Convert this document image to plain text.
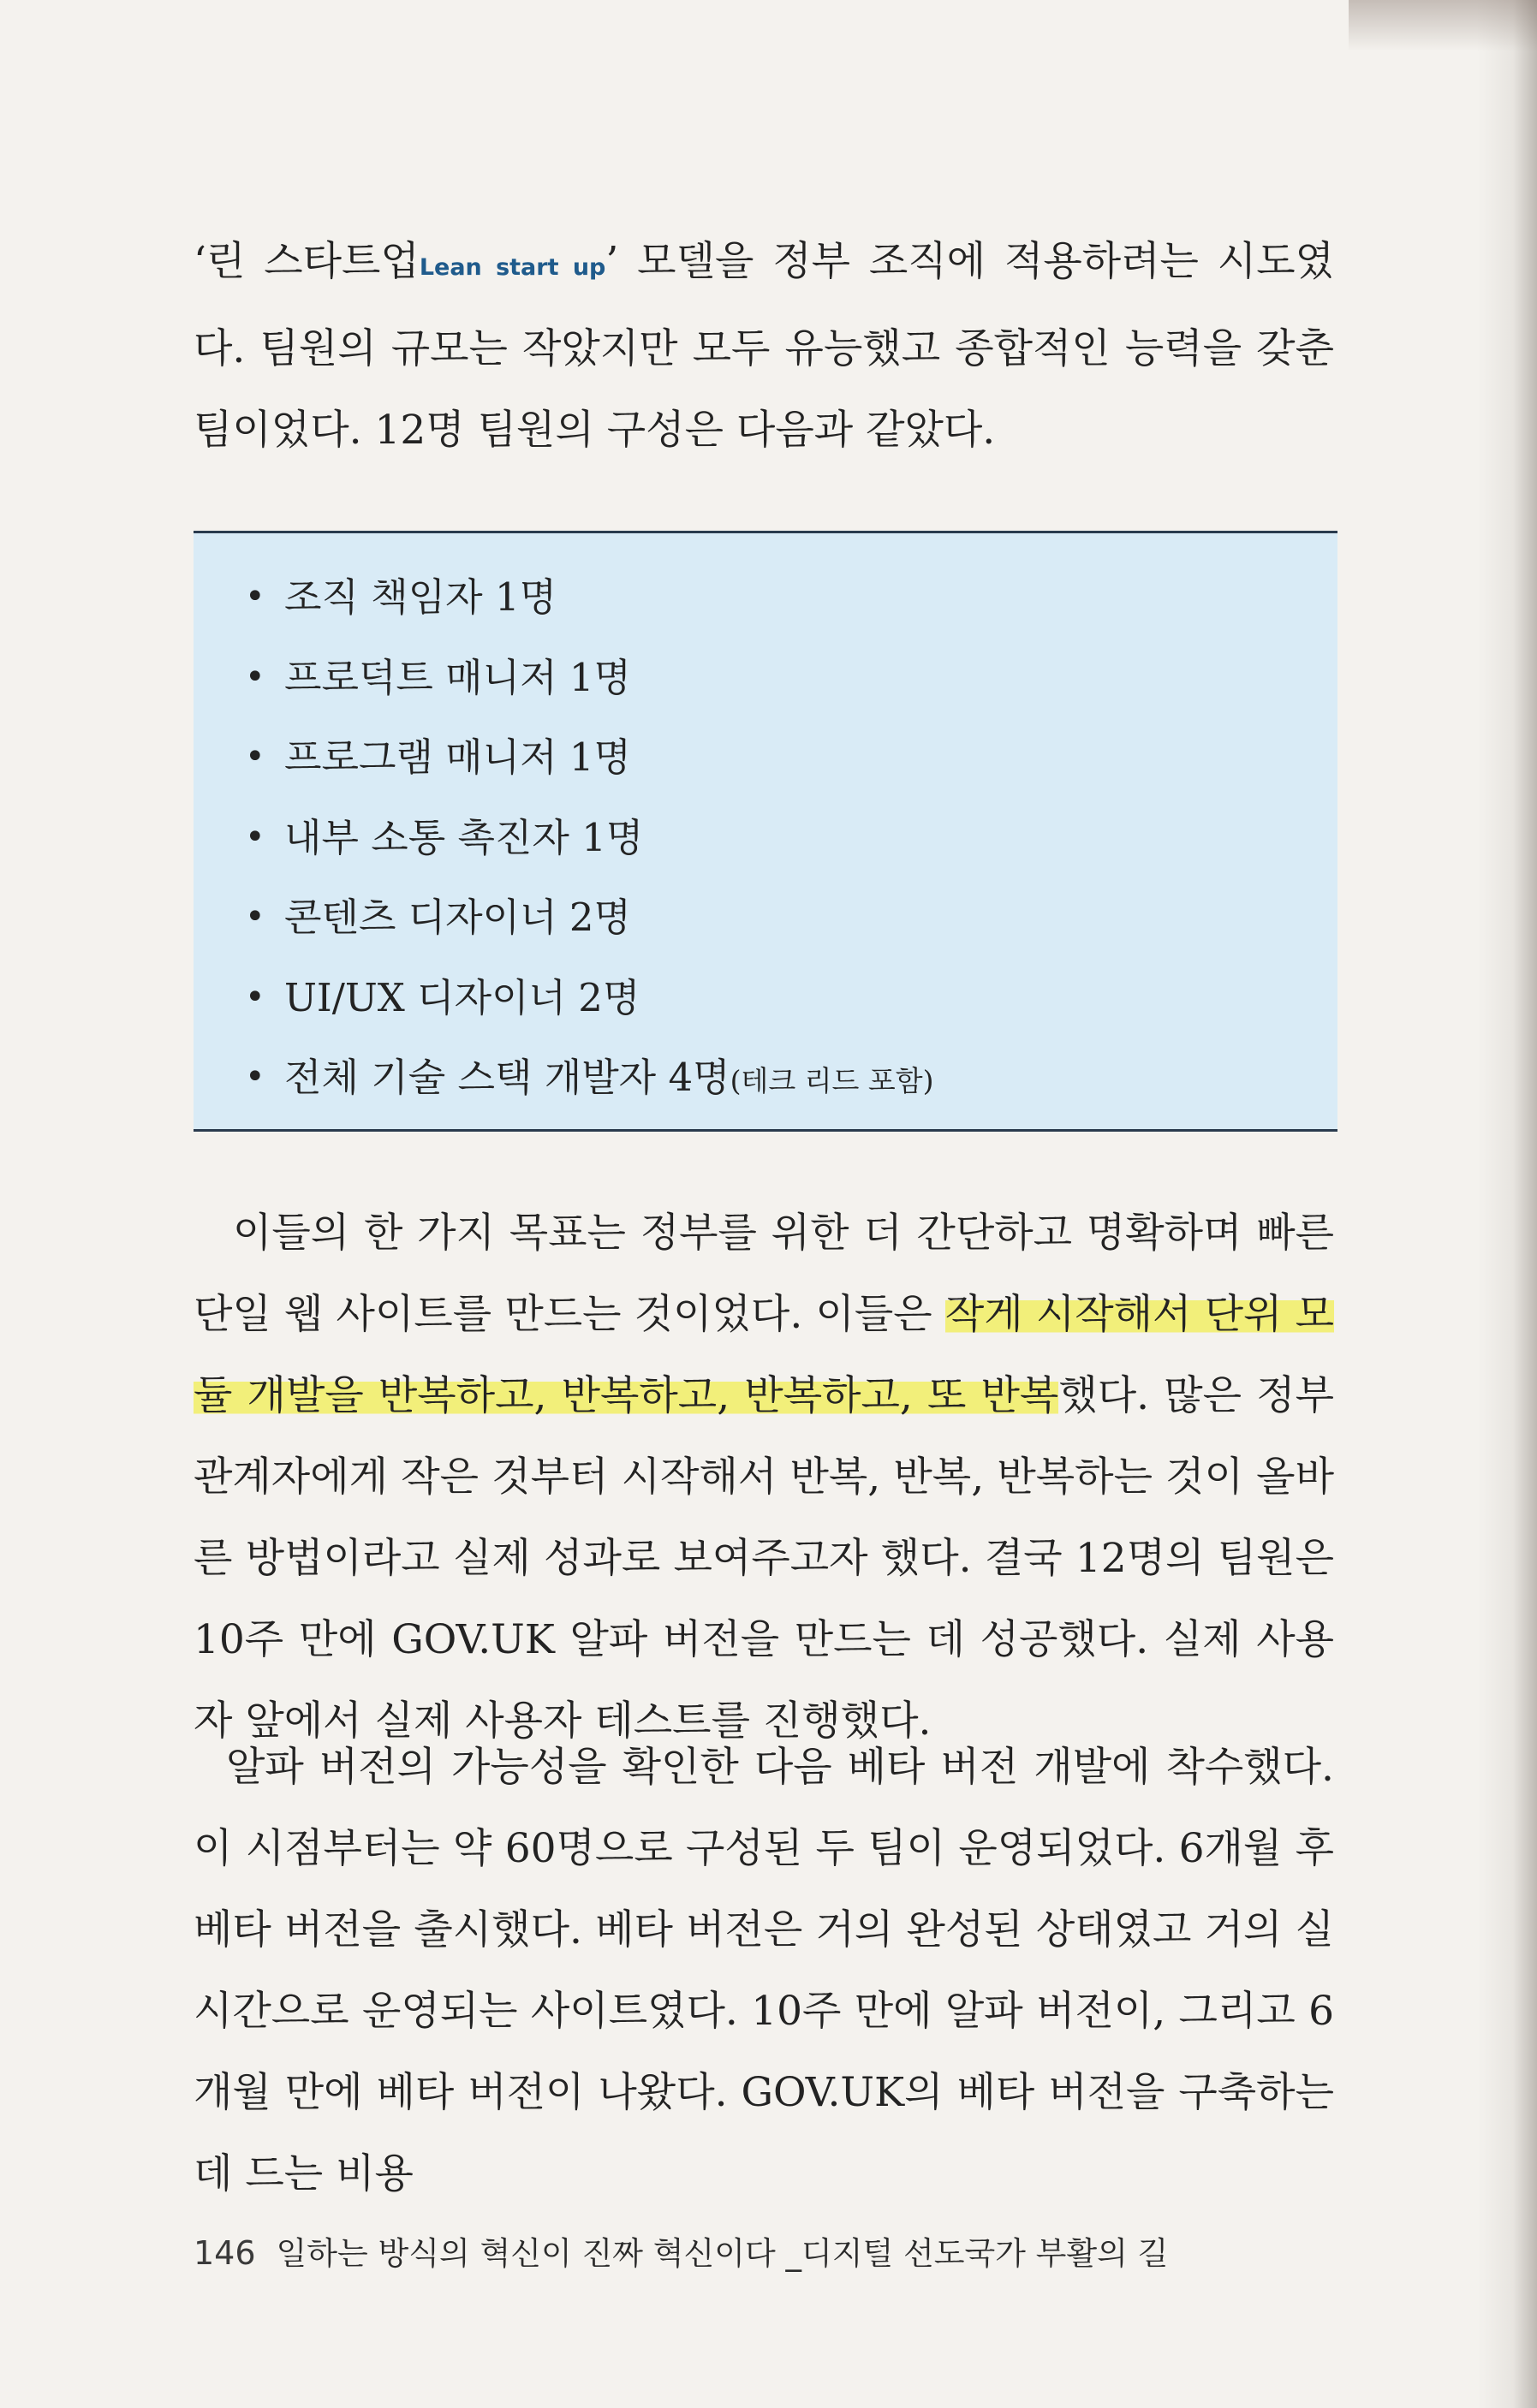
‘린 스타트업Lean start up’ 모델을 정부 조직에 적용하려는 시도였다. 팀원의 규모는 작았지만 모두 유능했고 종합적인 능력을 갖춘 팀이었다. 12명 팀원의 구성은 다음과 같았다.

• 조직 책임자 1명
• 프로덕트 매니저 1명
• 프로그램 매니저 1명
• 내부 소통 촉진자 1명
• 콘텐츠 디자이너 2명
• UI/UX 디자이너 2명
• 전체 기술 스택 개발자 4명(테크 리드 포함)

이들의 한 가지 목표는 정부를 위한 더 간단하고 명확하며 빠른 단일 웹 사이트를 만드는 것이었다. 이들은 작게 시작해서 단위 모듈 개발을 반복하고, 반복하고, 반복하고, 또 반복했다. 많은 정부 관계자에게 작은 것부터 시작해서 반복, 반복, 반복하는 것이 올바른 방법이라고 실제 성과로 보여주고자 했다. 결국 12명의 팀원은 10주 만에 GOV.UK 알파 버전을 만드는 데 성공했다. 실제 사용자 앞에서 실제 사용자 테스트를 진행했다.

알파 버전의 가능성을 확인한 다음 베타 버전 개발에 착수했다. 이 시점부터는 약 60명으로 구성된 두 팀이 운영되었다. 6개월 후 베타 버전을 출시했다. 베타 버전은 거의 완성된 상태였고 거의 실시간으로 운영되는 사이트였다. 10주 만에 알파 버전이, 그리고 6개월 만에 베타 버전이 나왔다. GOV.UK의 베타 버전을 구축하는 데 드는 비용

146 일하는 방식의 혁신이 진짜 혁신이다 _디지털 선도국가 부활의 길
